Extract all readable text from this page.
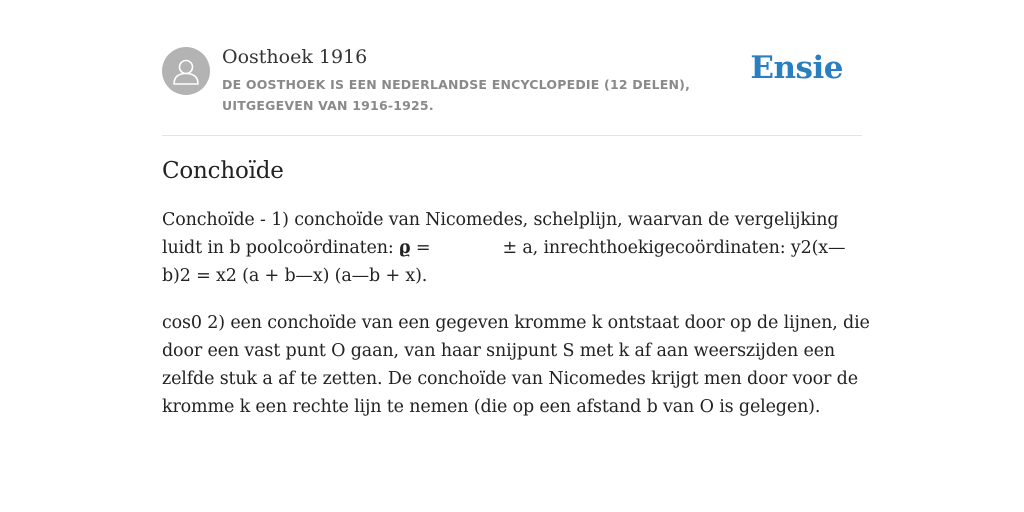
Oosthoek 1916
DE OOSTHOEK IS EEN NEDERLANDSE ENCYCLOPEDIE (12 DELEN), UITGEGEVEN VAN 1916-1925.
Ensie
Conchoïde

Conchoïde - 1) conchoïde van Nicomedes, schelplijn, waarvan de vergelijking luidt in b poolcoördinaten: ϱ =	± a, inrechthoekigecoördinaten: y2(x—b)2 = x2 (a + b—x) (a—b + x).

cos0 2) een conchoïde van een gegeven kromme k ontstaat door op de lijnen, die door een vast punt O gaan, van haar snijpunt S met k af aan weerszijden een zelfde stuk a af te zetten. De conchoïde van Nicomedes krijgt men door voor de kromme k een rechte lijn te nemen (die op een afstand b van O is gelegen).
